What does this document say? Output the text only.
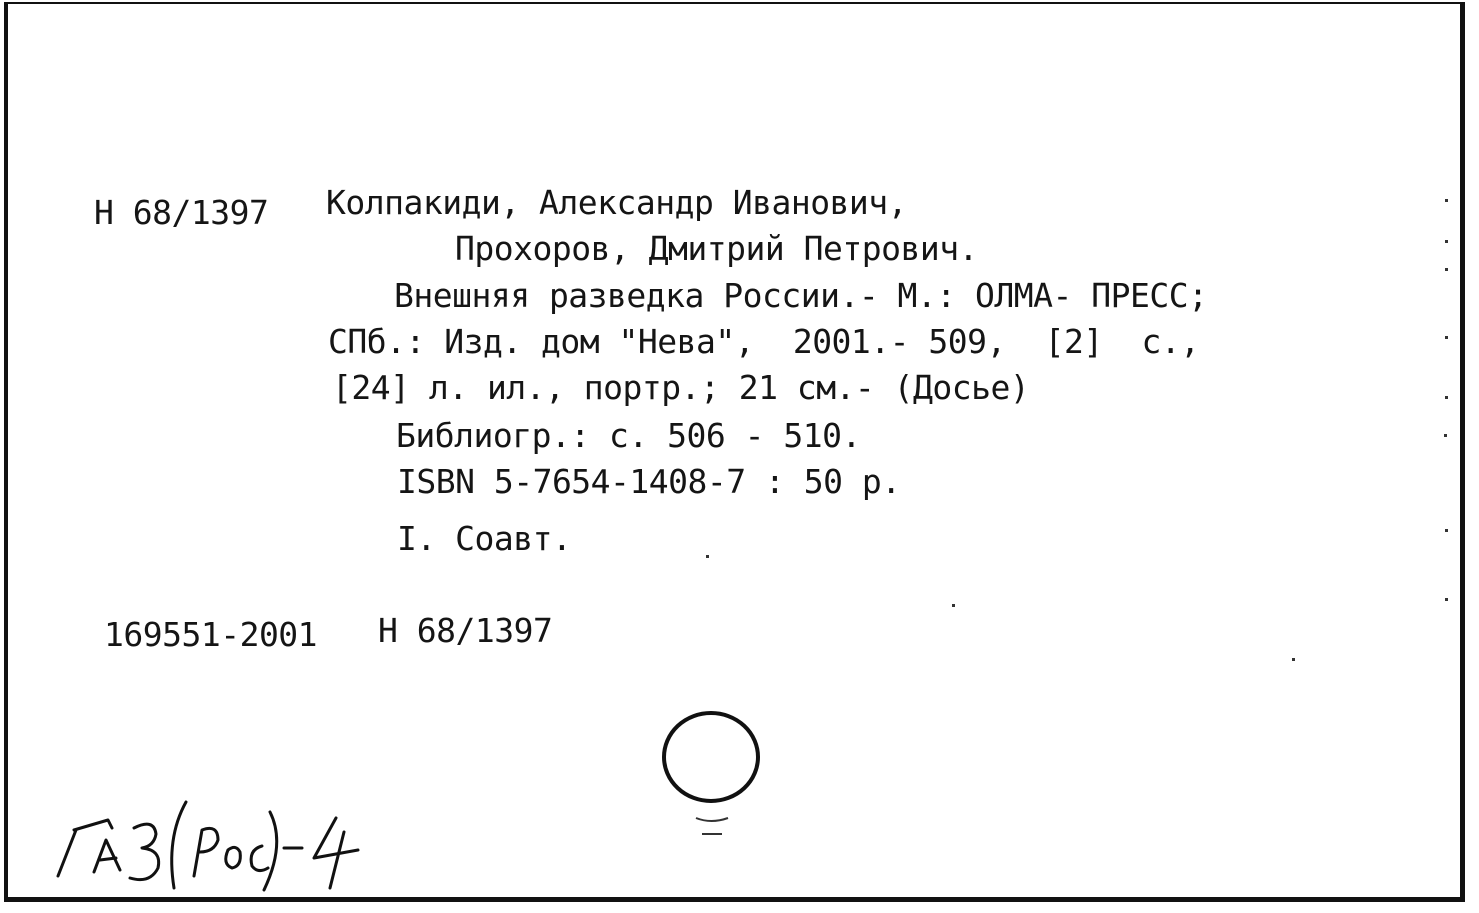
Н 68/1397 Колпакиди, Александр Иванович,
Прохоров, Дмитрий Петрович.
Внешняя разведка России.- М.: ОЛМА- ПРЕСС;
СПб.: Изд. дом "Нева",  2001.- 509,  [2]  с.,
[24] л. ил., портр.; 21 см.- (Досье)
Библиогр.: с. 506 - 510.
ISBN 5-7654-1408-7 : 50 р.
I. Соавт.
169551-2001 Н 68/1397
